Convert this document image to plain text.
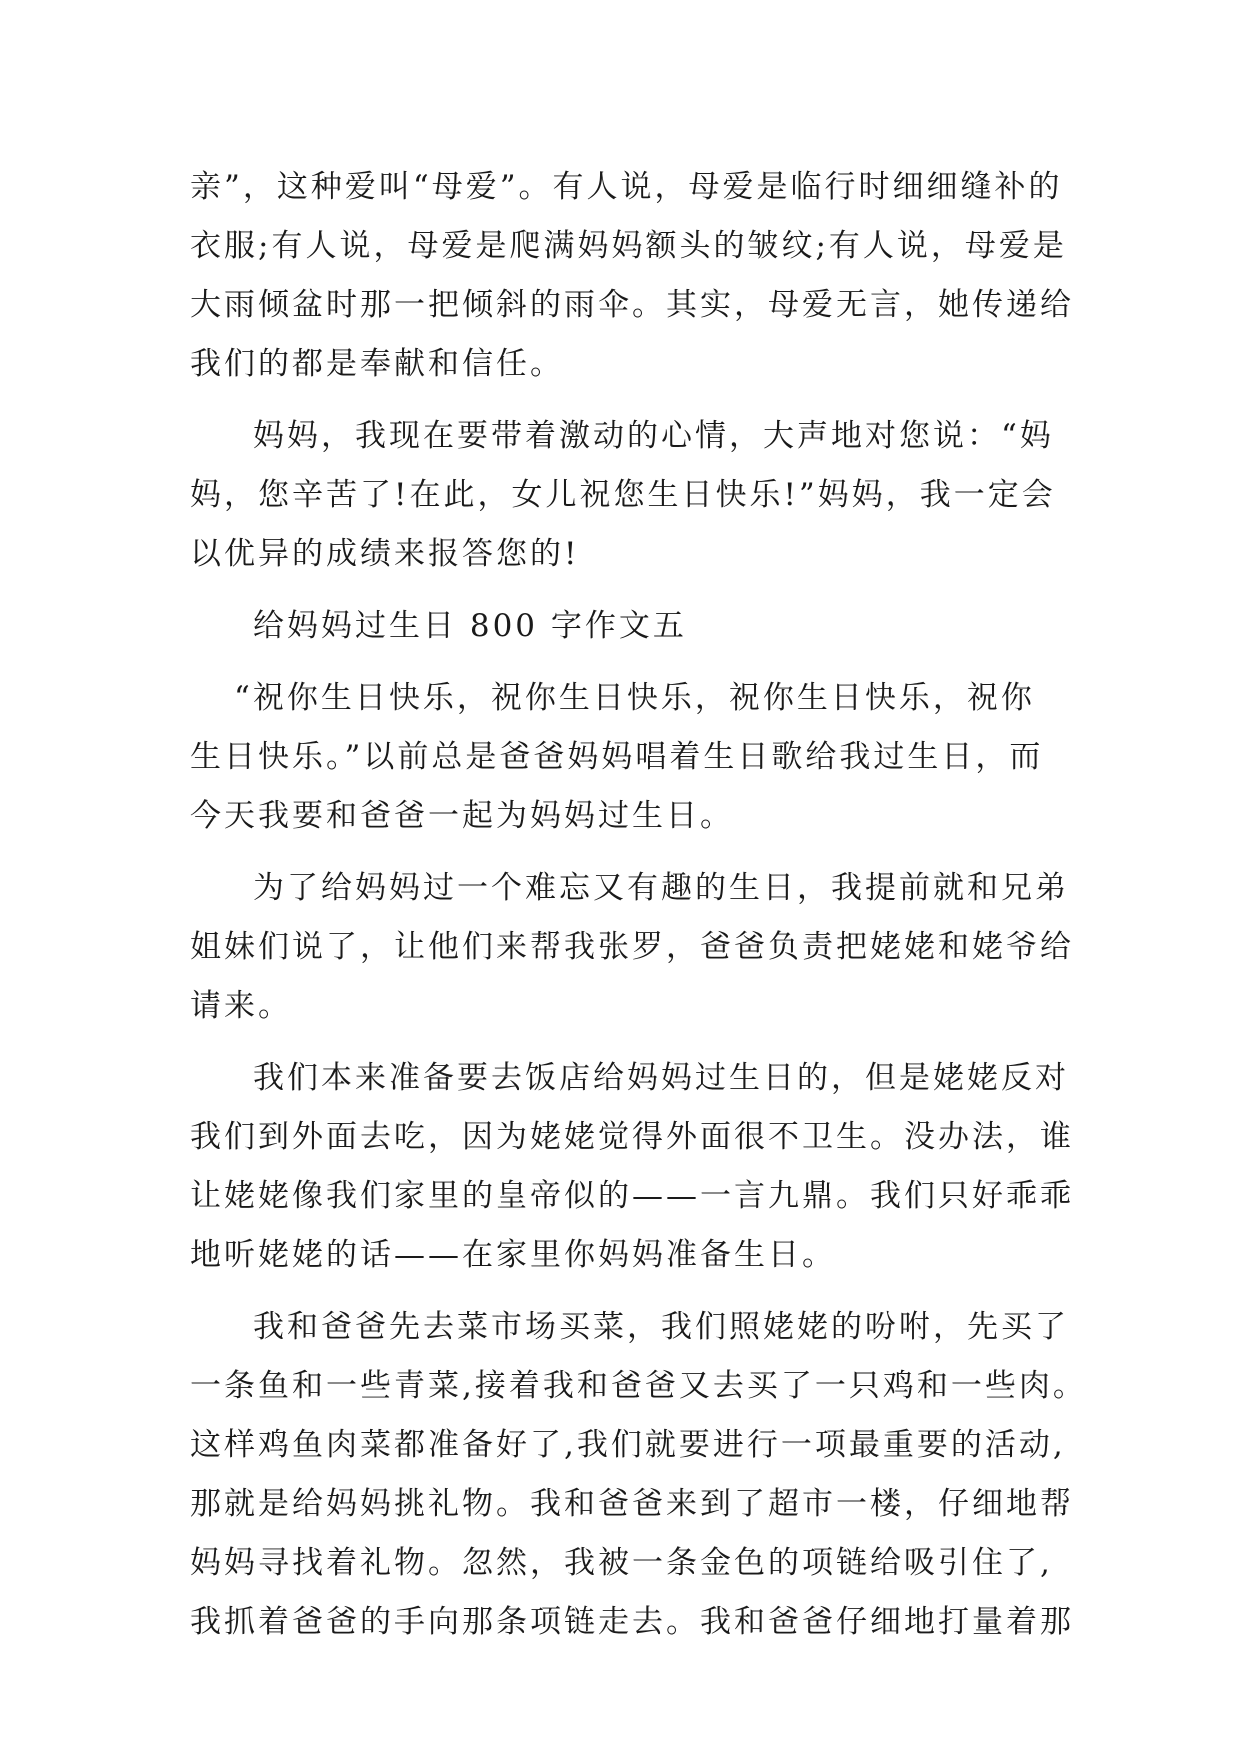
亲”，这种爱叫“母爱”。有人说，母爱是临行时细细缝补的
衣服;有人说，母爱是爬满妈妈额头的皱纹;有人说，母爱是
大雨倾盆时那一把倾斜的雨伞。其实，母爱无言，她传递给
我们的都是奉献和信任。
妈妈，我现在要带着激动的心情，大声地对您说：“妈
妈，您辛苦了!在此，女儿祝您生日快乐!”妈妈，我一定会
以优异的成绩来报答您的!
给妈妈过生日 800 字作文五
“祝你生日快乐，祝你生日快乐，祝你生日快乐，祝你
生日快乐。”以前总是爸爸妈妈唱着生日歌给我过生日，而
今天我要和爸爸一起为妈妈过生日。
为了给妈妈过一个难忘又有趣的生日，我提前就和兄弟
姐妹们说了，让他们来帮我张罗，爸爸负责把姥姥和姥爷给
请来。
我们本来准备要去饭店给妈妈过生日的，但是姥姥反对
我们到外面去吃，因为姥姥觉得外面很不卫生。没办法，谁
让姥姥像我们家里的皇帝似的——一言九鼎。我们只好乖乖
地听姥姥的话——在家里你妈妈准备生日。
我和爸爸先去菜市场买菜，我们照姥姥的吩咐，先买了
一条鱼和一些青菜,接着我和爸爸又去买了一只鸡和一些肉。
这样鸡鱼肉菜都准备好了,我们就要进行一项最重要的活动,
那就是给妈妈挑礼物。我和爸爸来到了超市一楼，仔细地帮
妈妈寻找着礼物。忽然，我被一条金色的项链给吸引住了,
我抓着爸爸的手向那条项链走去。我和爸爸仔细地打量着那
